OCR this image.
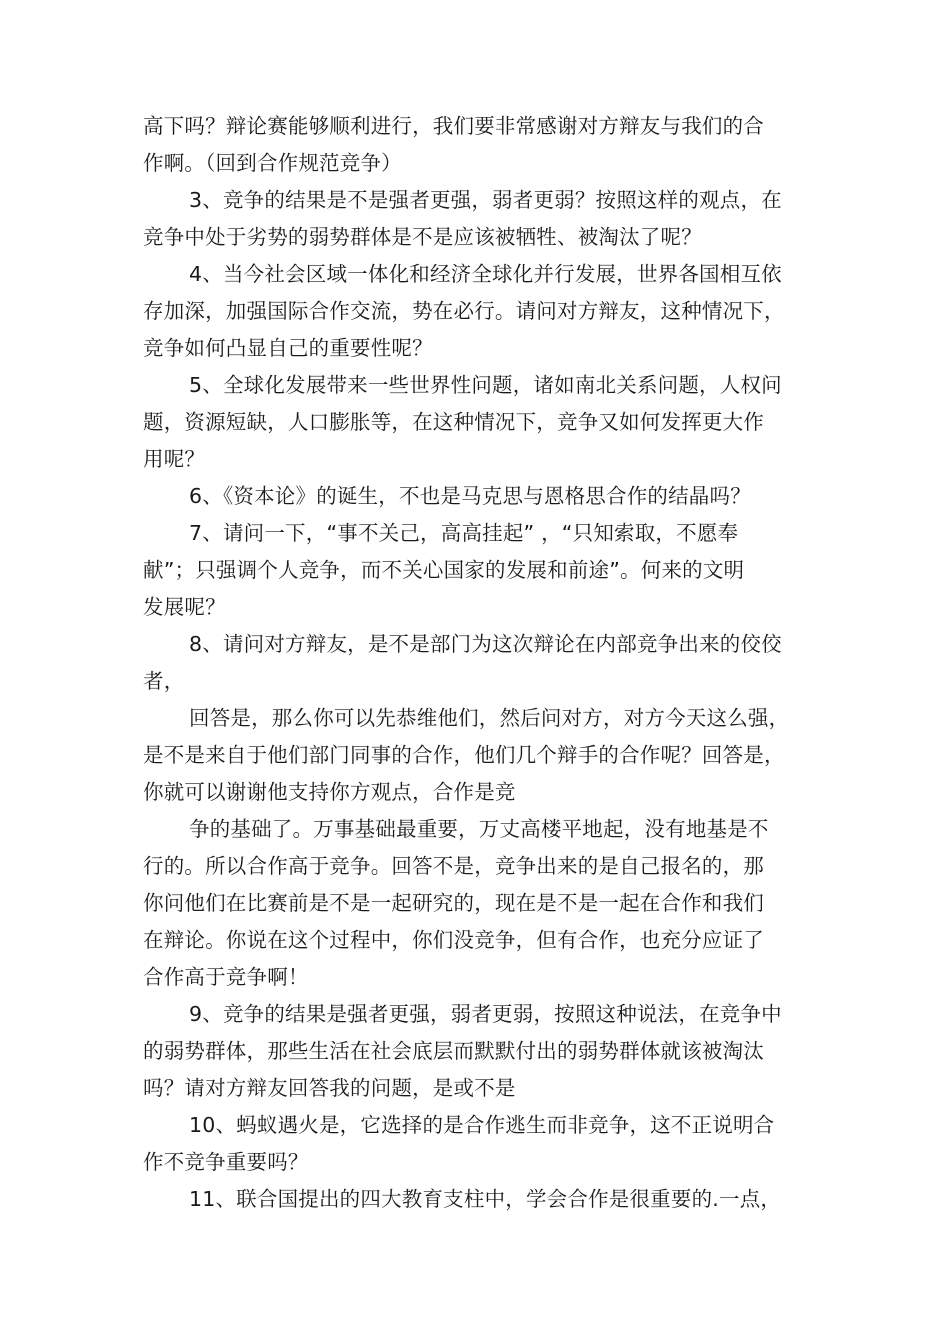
高下吗？辩论赛能够顺利进行，我们要非常感谢对方辩友与我们的合
作啊。（回到合作规范竞争）
3、竞争的结果是不是强者更强，弱者更弱？按照这样的观点，在
竞争中处于劣势的弱势群体是不是应该被牺牲、被淘汰了呢？
4、当今社会区域一体化和经济全球化并行发展，世界各国相互依
存加深，加强国际合作交流，势在必行。请问对方辩友，这种情况下，
竞争如何凸显自己的重要性呢？
5、全球化发展带来一些世界性问题，诸如南北关系问题，人权问
题，资源短缺，人口膨胀等，在这种情况下，竞争又如何发挥更大作
用呢？
6、《资本论》的诞生，不也是马克思与恩格思合作的结晶吗？
7、请问一下，“事不关己，高高挂起” ，“只知索取，不愿奉
献”；只强调个人竞争，而不关心国家的发展和前途”。何来的文明
发展呢？
8、请问对方辩友，是不是部门为这次辩论在内部竞争出来的佼佼
者，
回答是，那么你可以先恭维他们，然后问对方，对方今天这么强，
是不是来自于他们部门同事的合作，他们几个辩手的合作呢？回答是，
你就可以谢谢他支持你方观点，合作是竞
争的基础了。万事基础最重要，万丈高楼平地起，没有地基是不
行的。所以合作高于竞争。回答不是，竞争出来的是自己报名的，那
你问他们在比赛前是不是一起研究的，现在是不是一起在合作和我们
在辩论。你说在这个过程中，你们没竞争，但有合作，也充分应证了
合作高于竞争啊！
9、竞争的结果是强者更强，弱者更弱，按照这种说法，在竞争中
的弱势群体，那些生活在社会底层而默默付出的弱势群体就该被淘汰
吗？请对方辩友回答我的问题，是或不是
10、蚂蚁遇火是，它选择的是合作逃生而非竞争，这不正说明合
作不竞争重要吗？
11、联合国提出的四大教育支柱中，学会合作是很重要的.一点，
